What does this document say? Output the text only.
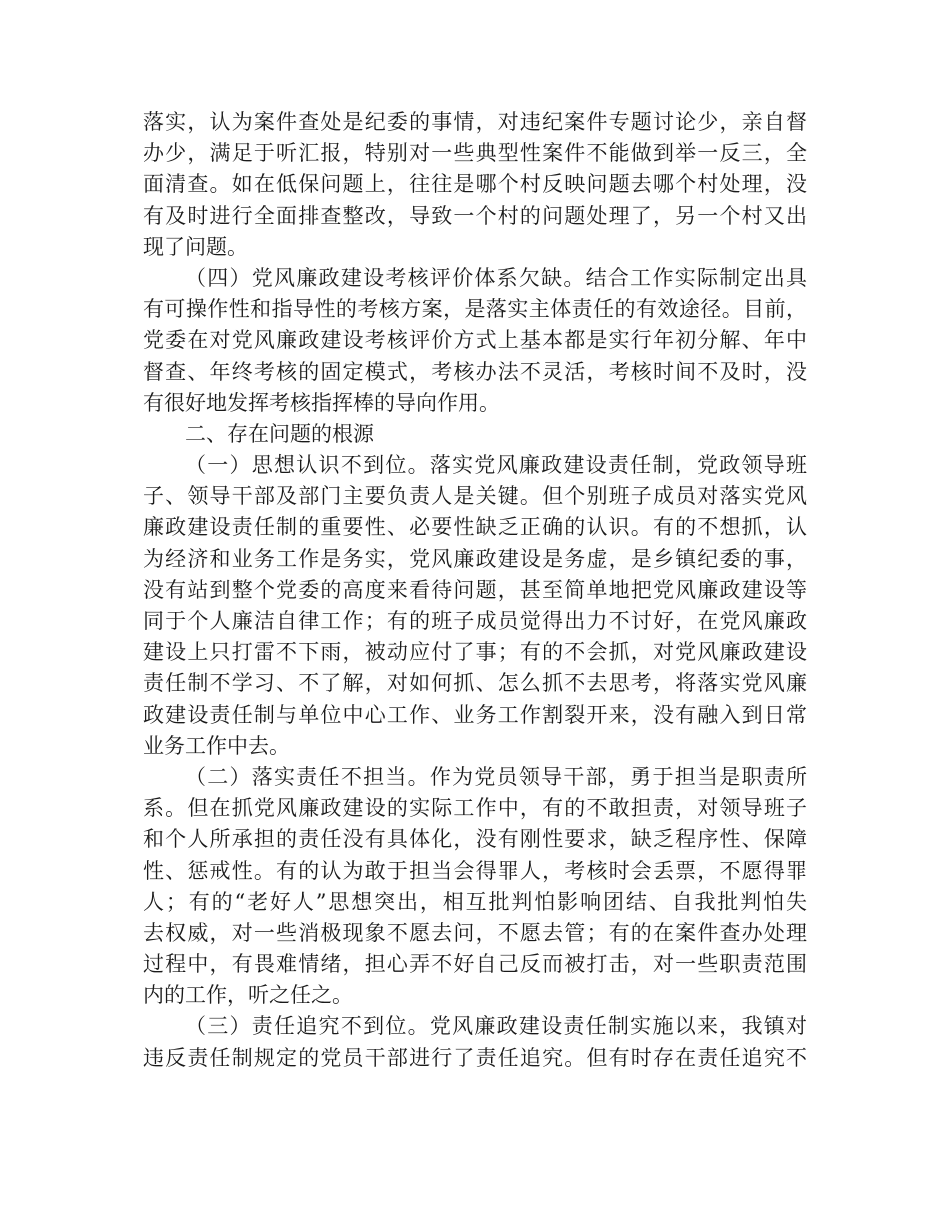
落实，认为案件查处是纪委的事情，对违纪案件专题讨论少，亲自督
办少，满足于听汇报，特别对一些典型性案件不能做到举一反三，全
面清查。如在低保问题上，往往是哪个村反映问题去哪个村处理，没
有及时进行全面排查整改，导致一个村的问题处理了，另一个村又出
现了问题。
（四）党风廉政建设考核评价体系欠缺。结合工作实际制定出具
有可操作性和指导性的考核方案，是落实主体责任的有效途径。目前，
党委在对党风廉政建设考核评价方式上基本都是实行年初分解、年中
督查、年终考核的固定模式，考核办法不灵活，考核时间不及时，没
有很好地发挥考核指挥棒的导向作用。
二、存在问题的根源
（一）思想认识不到位。落实党风廉政建设责任制，党政领导班
子、领导干部及部门主要负责人是关键。但个别班子成员对落实党风
廉政建设责任制的重要性、必要性缺乏正确的认识。有的不想抓，认
为经济和业务工作是务实，党风廉政建设是务虚，是乡镇纪委的事，
没有站到整个党委的高度来看待问题，甚至简单地把党风廉政建设等
同于个人廉洁自律工作；有的班子成员觉得出力不讨好，在党风廉政
建设上只打雷不下雨，被动应付了事；有的不会抓，对党风廉政建设
责任制不学习、不了解，对如何抓、怎么抓不去思考，将落实党风廉
政建设责任制与单位中心工作、业务工作割裂开来，没有融入到日常
业务工作中去。
（二）落实责任不担当。作为党员领导干部，勇于担当是职责所
系。但在抓党风廉政建设的实际工作中，有的不敢担责，对领导班子
和个人所承担的责任没有具体化，没有刚性要求，缺乏程序性、保障
性、惩戒性。有的认为敢于担当会得罪人，考核时会丢票，不愿得罪
人；有的“老好人”思想突出，相互批判怕影响团结、自我批判怕失
去权威，对一些消极现象不愿去问，不愿去管；有的在案件查办处理
过程中，有畏难情绪，担心弄不好自己反而被打击，对一些职责范围
内的工作，听之任之。
（三）责任追究不到位。党风廉政建设责任制实施以来，我镇对
违反责任制规定的党员干部进行了责任追究。但有时存在责任追究不
